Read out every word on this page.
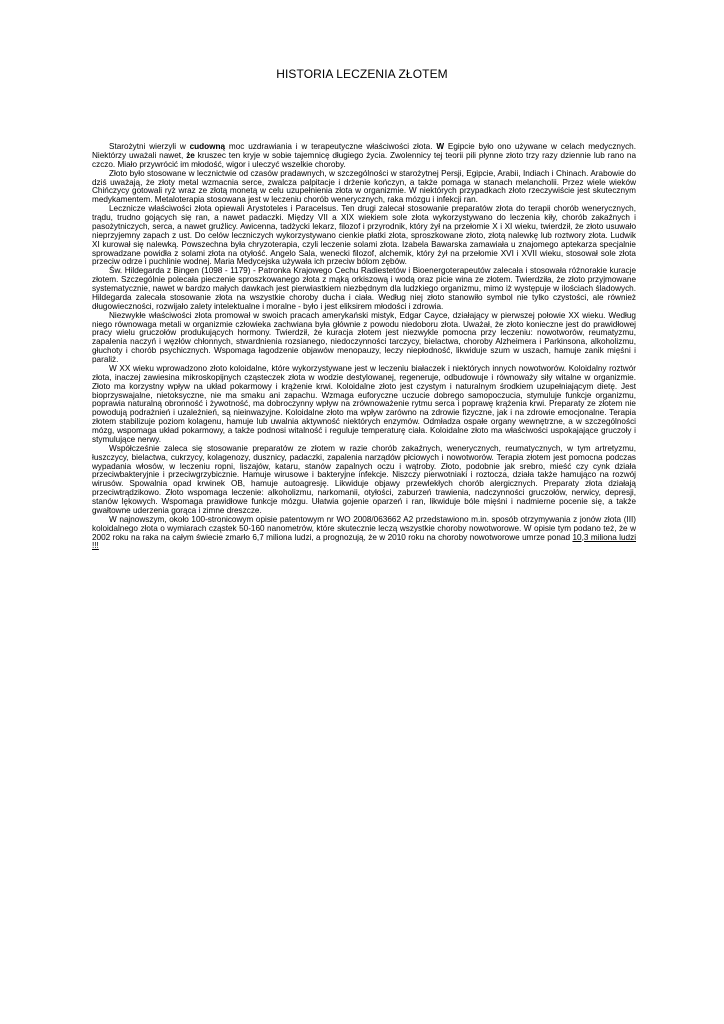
HISTORIA LECZENIA ZŁOTEM

Starożytni wierzyli w cudowną moc uzdrawiania i w terapeutyczne właściwości złota. W Egipcie było ono używane w celach medycznych. Niektórzy uważali nawet, że kruszec ten kryje w sobie tajemnicę długiego życia. Zwolennicy tej teorii pili płynne złoto trzy razy dziennie lub rano na czczo. Miało przywrócić im młodość, wigor i uleczyć wszelkie choroby.

Złoto było stosowane w lecznictwie od czasów pradawnych, w szczególności w starożytnej Persji, Egipcie, Arabii, Indiach i Chinach. Arabowie do dziś uważają, że złoty metal wzmacnia serce, zwalcza palpitacje i drżenie kończyn, a także pomaga w stanach melancholii. Przez wiele wieków Chińczycy gotowali ryż wraz ze złotą monetą w celu uzupełnienia złota w organizmie. W niektórych przypadkach złoto rzeczywiście jest skutecznym medykamentem. Metaloterapia stosowana jest w leczeniu chorób wenerycznych, raka mózgu i infekcji ran.

Lecznicze właściwości złota opiewali Arystoteles i Paracelsus. Ten drugi zalecał stosowanie preparatów złota do terapii chorób wenerycznych, trądu, trudno gojących się ran, a nawet padaczki. Między VII a XIX wiekiem sole złota wykorzystywano do leczenia kiły, chorób zakaźnych i pasożytniczych, serca, a nawet gruźlicy. Awicenna, tadżycki lekarz, filozof i przyrodnik, który żył na przełomie X i XI wieku, twierdził, że złoto usuwało nieprzyjemny zapach z ust. Do celów leczniczych wykorzystywano cienkie płatki złota, sproszkowane złoto, złotą nalewkę lub roztwory złota. Ludwik XI kurował się nalewką. Powszechna była chryzoterapia, czyli leczenie solami złota. Izabela Bawarska zamawiała u znajomego aptekarza specjalnie sprowadzane powidła z solami złota na otyłość. Angelo Sala, wenecki filozof, alchemik, który żył na przełomie XVI i XVII wieku, stosował sole złota przeciw odrze i puchlinie wodnej. Maria Medycejska używała ich przeciw bólom zębów.

Św. Hildegarda z Bingen (1098 - 1179) - Patronka Krajowego Cechu Radiestetów i Bioenergoterapeutów zalecała i stosowała różnorakie kuracje złotem. Szczególnie polecała pieczenie sproszkowanego złota z mąką orkiszową i wodą oraz picie wina ze złotem. Twierdziła, że złoto przyjmowane systematycznie, nawet w bardzo małych dawkach jest pierwiastkiem niezbędnym dla ludzkiego organizmu, mimo iż występuje w ilościach śladowych. Hildegarda zalecała stosowanie złota na wszystkie choroby ducha i ciała. Według niej złoto stanowiło symbol nie tylko czystości, ale również długowieczności, rozwijało zalety intelektualne i moralne - było i jest eliksirem młodości i zdrowia.

Niezwykłe właściwości złota promował w swoich pracach amerykański mistyk, Edgar Cayce, działający w pierwszej połowie XX wieku. Według niego równowaga metali w organizmie człowieka zachwiana była głównie z powodu niedoboru złota. Uważał, że złoto konieczne jest do prawidłowej pracy wielu gruczołów produkujących hormony. Twierdził, że kuracja złotem jest niezwykle pomocna przy leczeniu: nowotworów, reumatyzmu, zapalenia naczyń i węzłów chłonnych, stwardnienia rozsianego, niedoczynności tarczycy, bielactwa, choroby Alzheimera i Parkinsona, alkoholizmu, głuchoty i chorób psychicznych. Wspomaga łagodzenie objawów menopauzy, leczy niepłodność, likwiduje szum w uszach, hamuje zanik mięśni i paraliż.

W XX wieku wprowadzono złoto koloidalne, które wykorzystywane jest w leczeniu białaczek i niektórych innych nowotworów. Koloidalny roztwór złota, inaczej zawiesina mikroskopijnych cząsteczek złota w wodzie destylowanej, regeneruje, odbudowuje i równoważy siły witalne w organizmie. Złoto ma korzystny wpływ na układ pokarmowy i krążenie krwi. Koloidalne złoto jest czystym i naturalnym środkiem uzupełniającym dietę. Jest bioprzyswajalne, nietoksyczne, nie ma smaku ani zapachu. Wzmaga euforyczne uczucie dobrego samopoczucia, stymuluje funkcje organizmu, poprawia naturalną obronność i żywotność, ma dobroczynny wpływ na zrównoważenie rytmu serca i poprawę krążenia krwi. Preparaty ze złotem nie powodują podrażnień i uzależnień, są nieinwazyjne. Koloidalne złoto ma wpływ zarówno na zdrowie fizyczne, jak i na zdrowie emocjonalne. Terapia złotem stabilizuje poziom kolagenu, hamuje lub uwalnia aktywność niektórych enzymów. Odmładza ospałe organy wewnętrzne, a w szczególności mózg, wspomaga układ pokarmowy, a także podnosi witalność i reguluje temperaturę ciała. Koloidalne złoto ma właściwości uspokajające gruczoły i stymulujące nerwy.

Współcześnie zaleca się stosowanie preparatów ze złotem w razie chorób zakaźnych, wenerycznych, reumatycznych, w tym artretyzmu, łuszczycy, bielactwa, cukrzycy, kolagenozy, dusznicy, padaczki, zapalenia narządów płciowych i nowotworów. Terapia złotem jest pomocna podczas wypadania włosów, w leczeniu ropni, liszajów, kataru, stanów zapalnych oczu i wątroby. Złoto, podobnie jak srebro, mieść czy cynk działa przeciwbakteryjnie i przeciwgrzybicznie. Hamuje wirusowe i bakteryjne infekcje. Niszczy pierwotniaki i roztocza, działa także hamująco na rozwój wirusów. Spowalnia opad krwinek OB, hamuje autoagresję. Likwiduje objawy przewlekłych chorób alergicznych. Preparaty złota działają przeciwtrądzikowo. Złoto wspomaga leczenie: alkoholizmu, narkomanii, otyłości, zaburzeń trawienia, nadczynności gruczołów, nerwicy, depresji, stanów lękowych. Wspomaga prawidłowe funkcje mózgu. Ułatwia gojenie oparzeń i ran, likwiduje bóle mięśni i nadmierne pocenie się, a także gwałtowne uderzenia gorąca i zimne dreszcze.

W najnowszym, około 100-stronicowym opisie patentowym nr WO 2008/063662 A2 przedstawiono m.in. sposób otrzymywania z jonów złota (III) koloidalnego złota o wymiarach cząstek 50-160 nanometrów, które skutecznie leczą wszystkie choroby nowotworowe. W opisie tym podano też, że w 2002 roku na raka na całym świecie zmarło 6,7 miliona ludzi, a prognozują, że w 2010 roku na choroby nowotworowe umrze ponad 10,3 miliona ludzi !!!
